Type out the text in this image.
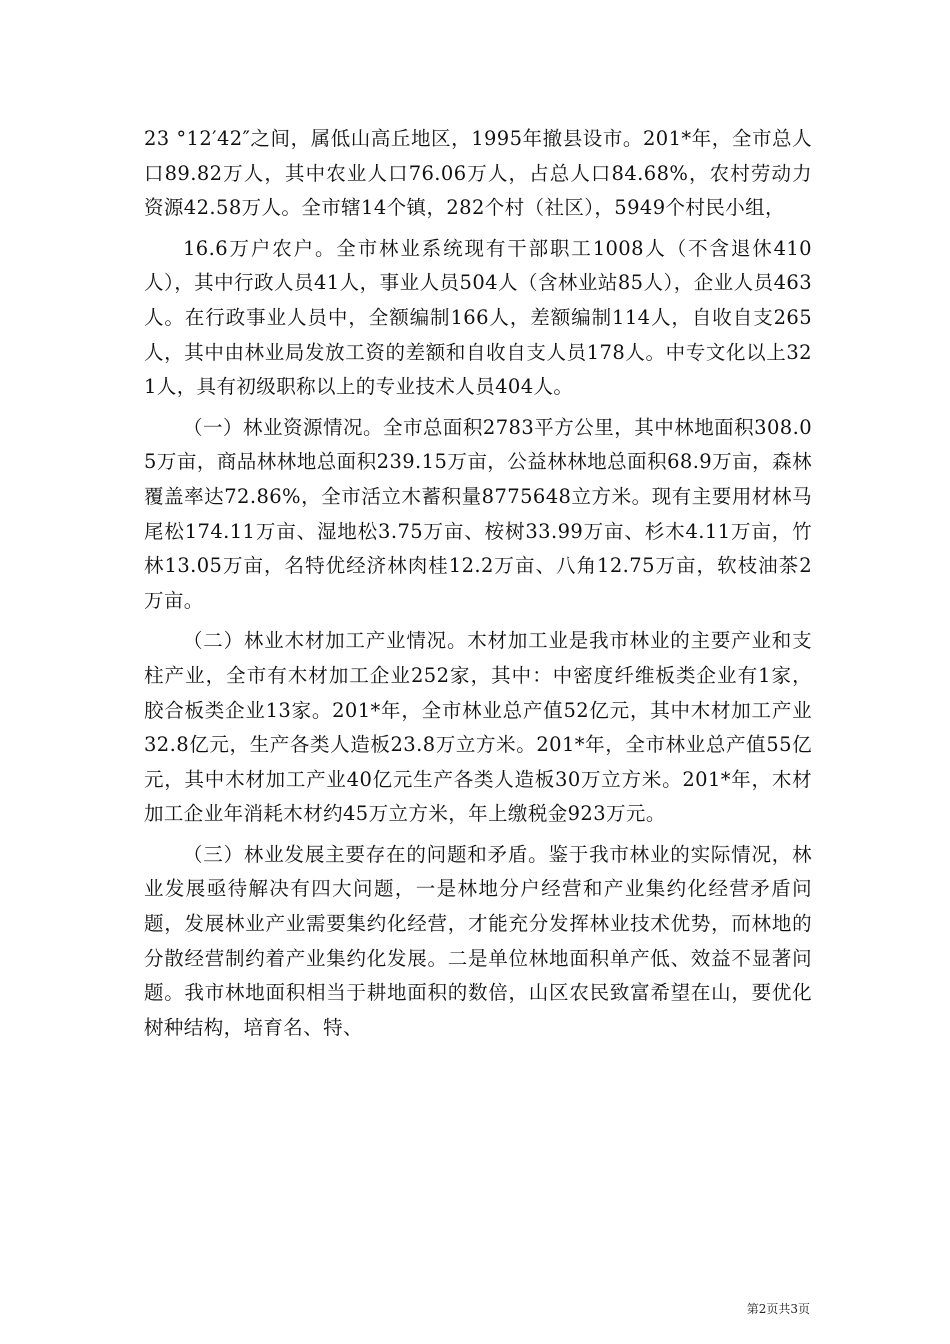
23 °12′42″之间，属低山高丘地区，1995年撤县设市。201*年，全市总人口89.82万人，其中农业人口76.06万人，占总人口84.68%，农村劳动力资源42.58万人。全市辖14个镇，282个村（社区），5949个村民小组，

16.6万户农户。全市林业系统现有干部职工1008人（不含退休410人），其中行政人员41人，事业人员504人（含林业站85人），企业人员463人。在行政事业人员中，全额编制166人，差额编制114人，自收自支265人，其中由林业局发放工资的差额和自收自支人员178人。中专文化以上321人，具有初级职称以上的专业技术人员404人。

（一）林业资源情况。全市总面积2783平方公里，其中林地面积308.05万亩，商品林林地总面积239.15万亩，公益林林地总面积68.9万亩，森林覆盖率达72.86%，全市活立木蓄积量8775648立方米。现有主要用材林马尾松174.11万亩、湿地松3.75万亩、桉树33.99万亩、杉木4.11万亩，竹林13.05万亩，名特优经济林肉桂12.2万亩、八角12.75万亩，软枝油茶2万亩。

（二）林业木材加工产业情况。木材加工业是我市林业的主要产业和支柱产业，全市有木材加工企业252家，其中：中密度纤维板类企业有1家，胶合板类企业13家。201*年，全市林业总产值52亿元，其中木材加工产业32.8亿元，生产各类人造板23.8万立方米。201*年，全市林业总产值55亿元，其中木材加工产业40亿元生产各类人造板30万立方米。201*年，木材加工企业年消耗木材约45万立方米，年上缴税金923万元。

（三）林业发展主要存在的问题和矛盾。鉴于我市林业的实际情况，林业发展亟待解决有四大问题，一是林地分户经营和产业集约化经营矛盾问题，发展林业产业需要集约化经营，才能充分发挥林业技术优势，而林地的分散经营制约着产业集约化发展。二是单位林地面积单产低、效益不显著问题。我市林地面积相当于耕地面积的数倍，山区农民致富希望在山，要优化树种结构，培育名、特、

第2页共3页
